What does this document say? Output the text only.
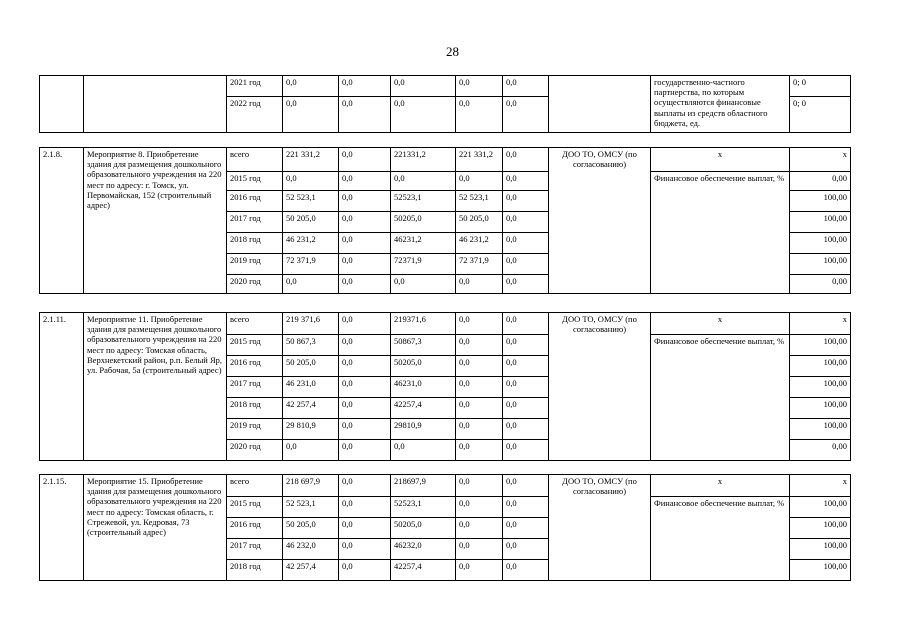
28
		2021 год	0,0	0,0	0,0	0,0	0,0		государственно-частного партнерства, по которым осуществляются финансовые выплаты из средств областного бюджета, ед.	0; 0
		2022 год	0,0	0,0	0,0	0,0	0,0			0; 0
2.1.8.	Мероприятие 8. Приобретение здания для размещения дошкольного образовательного учреждения на 220 мест по адресу: г. Томск, ул. Первомайская, 152 (строительный адрес)	всего	221 331,2	0,0	221331,2	221 331,2	0,0	ДОО ТО, ОМСУ (по согласованию)	x	x
		2015 год	0,0	0,0	0,0	0,0	0,0		Финансовое обеспечение выплат, %	0,00
		2016 год	52 523,1	0,0	52523,1	52 523,1	0,0			100,00
		2017 год	50 205,0	0,0	50205,0	50 205,0	0,0			100,00
		2018 год	46 231,2	0,0	46231,2	46 231,2	0,0			100,00
		2019 год	72 371,9	0,0	72371,9	72 371,9	0,0			100,00
		2020 год	0,0	0,0	0,0	0,0	0,0			0,00
2.1.11.	Мероприятие 11. Приобретение здания для размещения дошкольного образовательного учреждения на 220 мест по адресу: Томская область, Верхнекетский район, р.п. Белый Яр, ул. Рабочая, 5а (строительный адрес)	всего	219 371,6	0,0	219371,6	0,0	0,0	ДОО ТО, ОМСУ (по согласованию)	x	x
		2015 год	50 867,3	0,0	50867,3	0,0	0,0		Финансовое обеспечение выплат, %	100,00
		2016 год	50 205,0	0,0	50205,0	0,0	0,0			100,00
		2017 год	46 231,0	0,0	46231,0	0,0	0,0			100,00
		2018 год	42 257,4	0,0	42257,4	0,0	0,0			100,00
		2019 год	29 810,9	0,0	29810,9	0,0	0,0			100,00
		2020 год	0,0	0,0	0,0	0,0	0,0			0,00
2.1.15.	Мероприятие 15. Приобретение здания для размещения дошкольного образовательного учреждения на 220 мест по адресу: Томская область, г. Стрежевой, ул. Кедровая, 73 (строительный адрес)	всего	218 697,9	0,0	218697,9	0,0	0,0	ДОО ТО, ОМСУ (по согласованию)	x	x
		2015 год	52 523,1	0,0	52523,1	0,0	0,0		Финансовое обеспечение выплат, %	100,00
		2016 год	50 205,0	0,0	50205,0	0,0	0,0			100,00
		2017 год	46 232,0	0,0	46232,0	0,0	0,0			100,00
		2018 год	42 257,4	0,0	42257,4	0,0	0,0			100,00
